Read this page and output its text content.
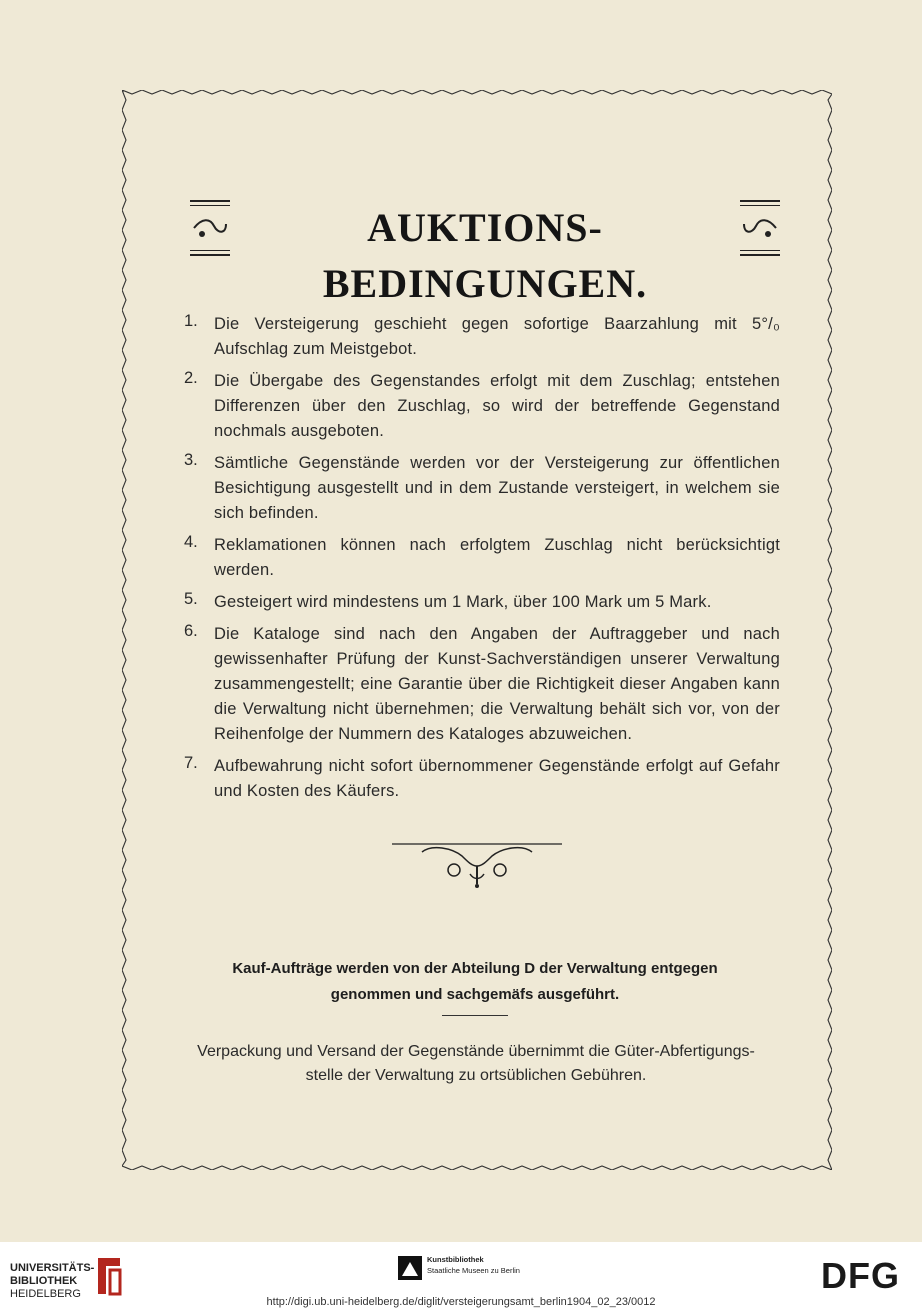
AUKTIONS-BEDINGUNGEN.
1. Die Versteigerung geschieht gegen sofortige Baarzahlung mit 5°/₀ Aufschlag zum Meistgebot.
2. Die Übergabe des Gegenstandes erfolgt mit dem Zuschlag; entstehen Differenzen über den Zuschlag, so wird der betreffende Gegenstand nochmals ausgeboten.
3. Sämtliche Gegenstände werden vor der Versteigerung zur öffentlichen Besichtigung ausgestellt und in dem Zustande versteigert, in welchem sie sich befinden.
4. Reklamationen können nach erfolgtem Zuschlag nicht berücksichtigt werden.
5. Gesteigert wird mindestens um 1 Mark, über 100 Mark um 5 Mark.
6. Die Kataloge sind nach den Angaben der Auftraggeber und nach gewissenhafter Prüfung der Kunst-Sachverständigen unserer Verwaltung zusammengestellt; eine Garantie über die Richtigkeit dieser Angaben kann die Verwaltung nicht übernehmen; die Verwaltung behält sich vor, von der Reihenfolge der Nummern des Kataloges abzuweichen.
7. Aufbewahrung nicht sofort übernommener Gegenstände erfolgt auf Gefahr und Kosten des Käufers.
Kauf-Aufträge werden von der Abteilung D der Verwaltung entgegen
genommen und sachgemäfs ausgeführt.
Verpackung und Versand der Gegenstände übernimmt die Güter-Abfertigungs-
stelle der Verwaltung zu ortsüblichen Gebühren.
UNIVERSITÄTS-
BIBLIOTHEK
HEIDELBERG
Kunstbibliothek
Staatliche Museen zu Berlin	DFG
http://digi.ub.uni-heidelberg.de/diglit/versteigerungsamt_berlin1904_02_23/0012
